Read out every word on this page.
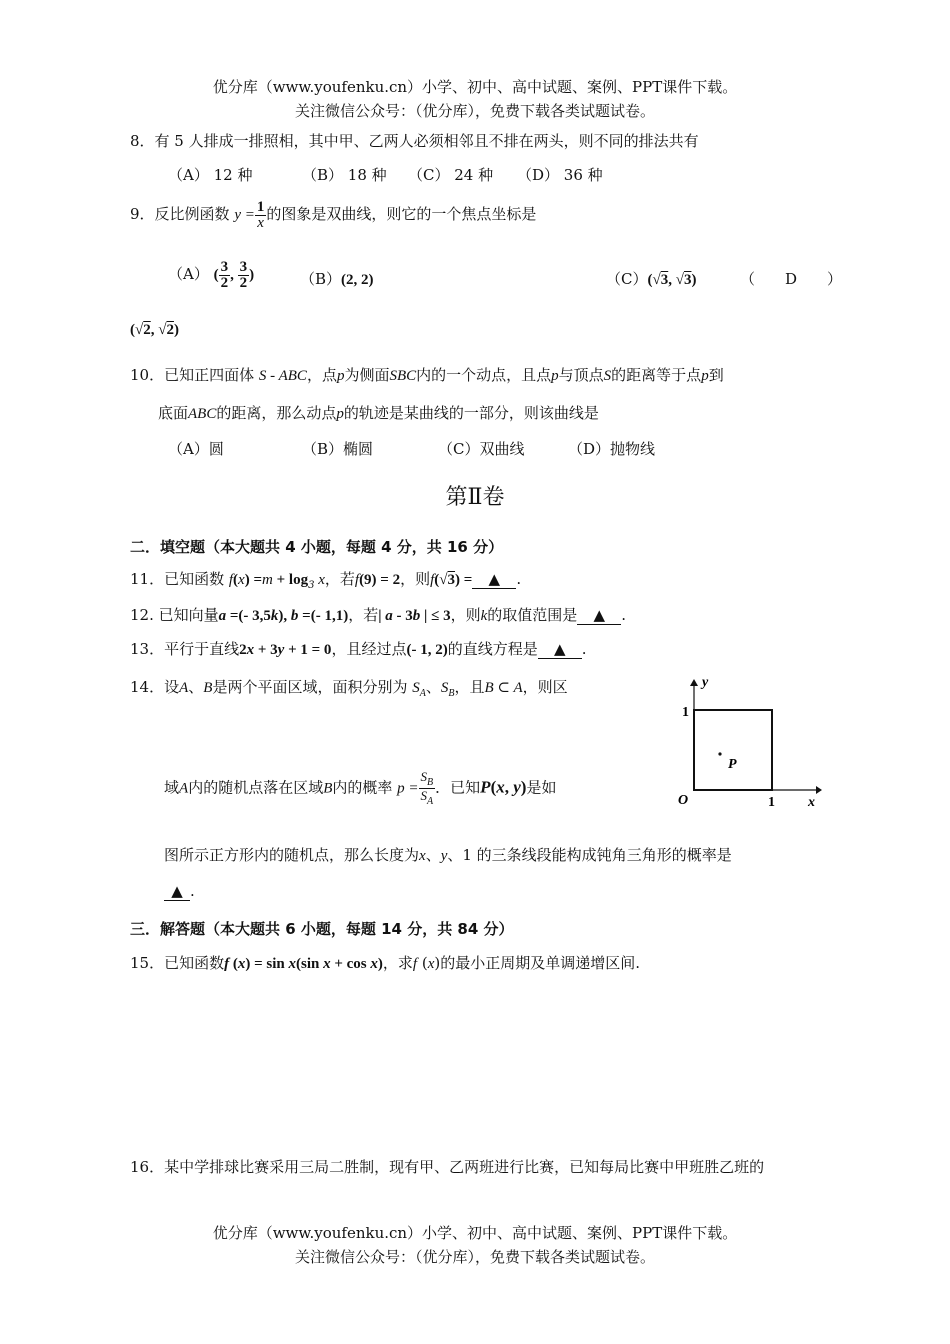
优分库（www.youfenku.cn）小学、初中、高中试题、案例、PPT课件下载。
关注微信公众号：（优分库），免费下载各类试题试卷。
8．有 5 人排成一排照相，其中甲、乙两人必须相邻且不排在两头，则不同的排法共有
（A） 12 种	（B） 18 种 （C） 24 种 （D） 36 种
9．反比例函数 $y = \frac{1}{x}$ 的图象是双曲线，则它的一个焦点坐标是
（A） ( $\frac{3}{2}$ , $\frac{3}{2}$ )	（B）(2, 2)	（C）(√3, √3)	（　　D　　）
(√2, √2)
10．已知正四面体 S - ABC，点p为侧面SBC内的一个动点，且点p与顶点S的距离等于点p到
底面ABC的距离，那么动点p的轨迹是某曲线的一部分，则该曲线是
（A）圆	（B）椭圆	（C）双曲线	（D）抛物线
第Ⅱ卷
二．填空题（本大题共 4 小题，每题 4 分，共 16 分）
11．已知函数 $f(x) =m + \log_3 x$，若f(9) = 2，则f(√3) = ▲ .
12. 已知向量a =(- 3,5k), b =(- 1,1)，若| a - 3b | ≤ 3，则k的取值范围是 ▲ .
13．平行于直线2x + 3y + 1 = 0，且经过点(- 1, 2)的直线方程是 ▲ .
14．设A、B是两个平面区域，面积分别为 $S_A$、$S_B$，且B ⊂ A，则区
域A内的随机点落在区域B内的概率 $p = \frac{S_B}{S_A}$ ．已知P(x, y)是如
图所示正方形内的随机点，那么长度为x、y、1 的三条线段能构成钝角三角形的概率是
▲ .
y
x
O
1
1
P
三．解答题（本大题共 6 小题，每题 14 分，共 84 分）
15．已知函数f (x) = sin x(sin x + cos x)，求f (x)的最小正周期及单调递增区间.
16．某中学排球比赛采用三局二胜制，现有甲、乙两班进行比赛，已知每局比赛中甲班胜乙班的
优分库（www.youfenku.cn）小学、初中、高中试题、案例、PPT课件下载。
关注微信公众号：（优分库），免费下载各类试题试卷。
